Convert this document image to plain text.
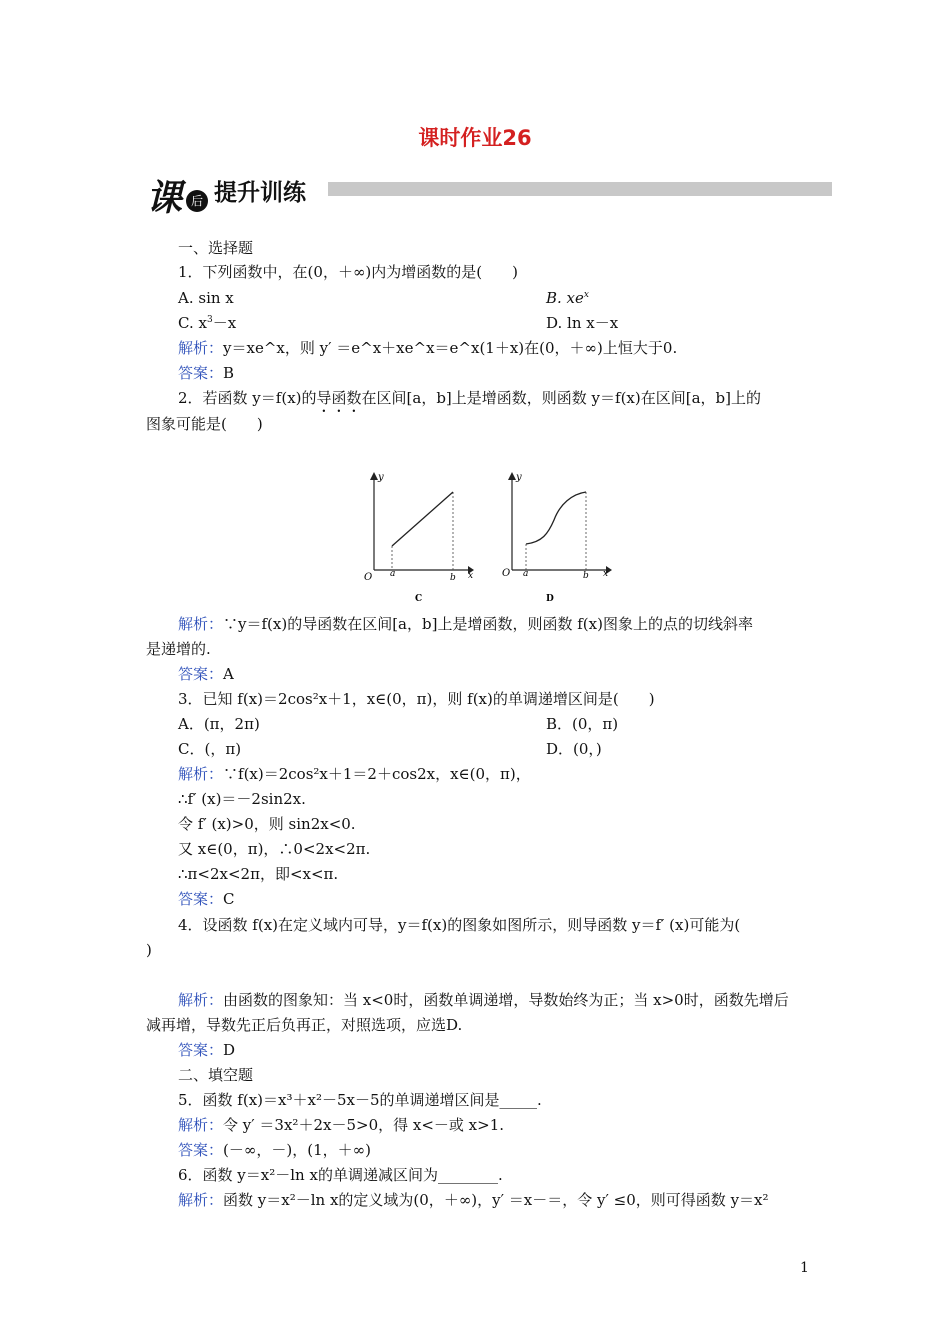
课时作业26
课 后 提升训练	课后作业·日日清|35分钟
一、选择题
1．下列函数中，在(0，＋∞)内为增函数的是(　　)
A. sin x	B. $xe^x$
C. $x^3-x$	D. ln x－x
解析：y＝xe^x，则 y′ ＝e^x＋xe^x＝e^x(1＋x)在(0，＋∞)上恒大于0.
答案：B
2．若函数 y＝f(x)的导函数在区间[a，b]上是增函数，则函数 y＝f(x)在区间[a，b]上的
图象可能是(　　)
y
O a	b x
C
y
O a	b x
D
解析：∵y＝f(x)的导函数在区间[a，b]上是增函数，则函数 f(x)图象上的点的切线斜率
是递增的.
答案：A
3．已知 f(x)＝2cos²x＋1，x∈(0，π)，则 f(x)的单调递增区间是(　　)
A．(π，2π)	B．(0，π)
C．(，π)	D．(0，)
解析：∵f(x)＝2cos²x＋1＝2＋cos2x，x∈(0，π)，
∴f′ (x)＝－2sin2x.
令 f′ (x)>0，则 sin2x<0.
又 x∈(0，π)，∴0<2x<2π.
∴π<2x<2π，即<x<π.
答案：C
4．设函数 f(x)在定义域内可导，y＝f(x)的图象如图所示，则导函数 y＝f′ (x)可能为(
)
解析：由函数的图象知：当 x<0时，函数单调递增，导数始终为正；当 x>0时，函数先增后
减再增，导数先正后负再正，对照选项，应选D.
答案：D
二、填空题
5．函数 f(x)＝x³＋x²－5x－5的单调递增区间是_____.
解析：令 y′ ＝3x²＋2x－5>0，得 x<－或 x>1.
答案：(－∞，－)，(1，＋∞)
6．函数 y＝x²－ln x的单调递减区间为________.
解析：函数 y＝x²－ln x的定义域为(0，＋∞)，y′ ＝x－＝，令 y′ ≤0，则可得函数 y＝x²
1
